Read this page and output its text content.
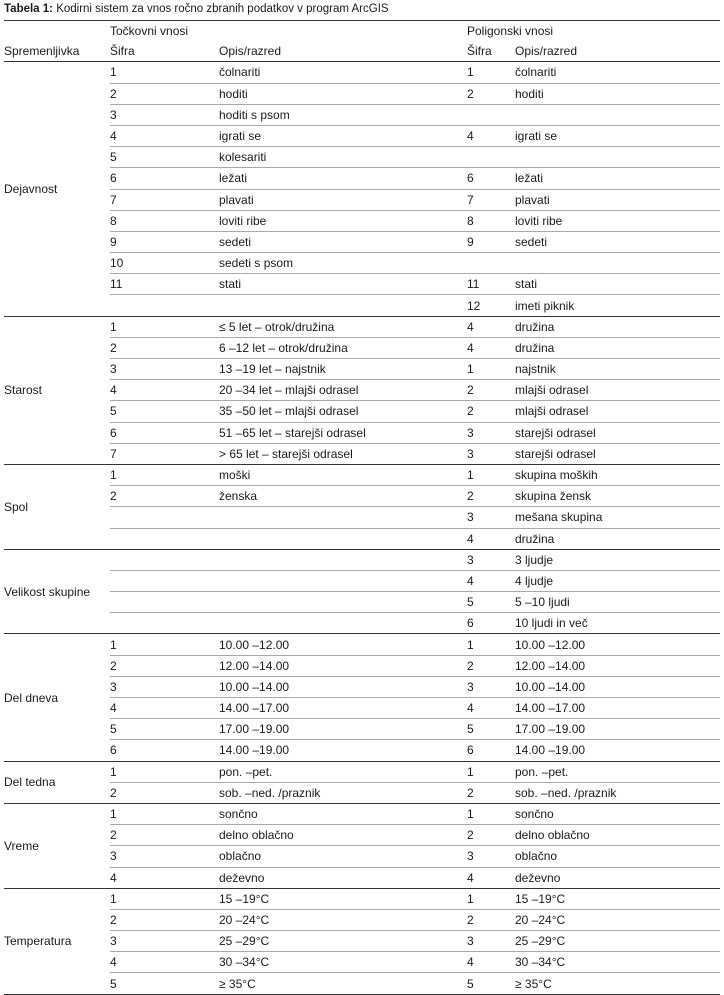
Tabela 1: Kodirni sistem za vnos ročno zbranih podatkov v program ArcGIS
	Točkovni vnosi		Poligonski vnosi	
Spremenljivka	Šifra	Opis/razred	Šifra	Opis/razred
Dejavnost	1	čolnariti	1	čolnariti
	2	hoditi	2	hoditi
	3	hoditi s psom		
	4	igrati se	4	igrati se
	5	kolesariti		
	6	ležati	6	ležati
	7	plavati	7	plavati
	8	loviti ribe	8	loviti ribe
	9	sedeti	9	sedeti
	10	sedeti s psom		
	11	stati	11	stati
			12	imeti piknik
Starost	1	≤ 5 let – otrok/družina	4	družina
	2	6 –12 let – otrok/družina	4	družina
	3	13 –19 let – najstnik	1	najstnik
	4	20 –34 let – mlajši odrasel	2	mlajši odrasel
	5	35 –50 let – mlajši odrasel	2	mlajši odrasel
	6	51 –65 let – starejši odrasel	3	starejši odrasel
	7	> 65 let – starejši odrasel	3	starejši odrasel
Spol	1	moški	1	skupina moških
	2	ženska	2	skupina žensk
			3	mešana skupina
			4	družina
Velikost skupine			3	3 ljudje
			4	4 ljudje
			5	5 –10 ljudi
			6	10 ljudi in več
Del dneva	1	10.00 –12.00	1	10.00 –12.00
	2	12.00 –14.00	2	12.00 –14.00
	3	10.00 –14.00	3	10.00 –14.00
	4	14.00 –17.00	4	14.00 –17.00
	5	17.00 –19.00	5	17.00 –19.00
	6	14.00 –19.00	6	14.00 –19.00
Del tedna	1	pon. –pet.	1	pon. –pet.
	2	sob. –ned. /praznik	2	sob. –ned. /praznik
Vreme	1	sončno	1	sončno
	2	delno oblačno	2	delno oblačno
	3	oblačno	3	oblačno
	4	deževno	4	deževno
Temperatura	1	15 –19°C	1	15 –19°C
	2	20 –24°C	2	20 –24°C
	3	25 –29°C	3	25 –29°C
	4	30 –34°C	4	30 –34°C
	5	≥ 35°C	5	≥ 35°C
